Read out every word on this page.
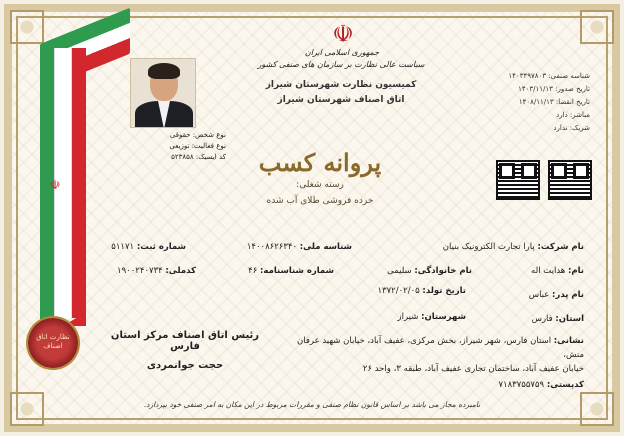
☫
نظارت اتاق اصناف
نوع شخص: حقوقی
نوع فعالیت: توزیعی
کد ایسیک: ۵۲۳۸۵۸
☫
جمهوری اسلامی ایران
سیاست عالی نظارت بر سازمان های صنفی کشور
کمیسیون نظارت شهرستان شیراز
اتاق اصناف شهرستان شیراز
پروانه کسب
رسته شغلی:
خرده فروشی طلای آب شده
شناسه صنفی: ۱۴۰۳۴۹۷۸۰۳
تاریخ صدور: ۱۴۰۳/۱۱/۱۳
تاریخ انقضا: ۱۴۰۸/۱۱/۱۳
مباشر: دارد
شریک: ندارد
نام شرکت: پارا تجارت الکترونیک بنیان
شناسه ملی: ۱۴۰۰۸۶۲۶۳۴۰
شماره ثبت: ۵۱۱۷۱
نام خانوادگی: سلیمی
شماره شناسنامه: ۴۶
کدملی: ۱۹۰۰۲۴۰۷۳۴	نام: هدایت اله
نام پدر: عباس
تاریخ تولد: ۱۳۷۲/۰۲/۰۵
استان: فارس
شهرستان: شیراز
نشانی: استان فارس، شهر شیراز، بخش مرکزی، عفیف آباد، خیابان شهید عرفان منش،
خیابان عفیف آباد، ساختمان تجاری عفیف آباد، طبقه ۳، واحد ۲۶
کدپستی: ۷۱۸۳۷۵۵۷۵۹
رئیس اتاق اصناف مرکز استان فارس
حجت جوانمردی
نامبرده مجاز می باشد بر اساس قانون نظام صنفی و مقررات مربوط در این مکان به امر صنفی خود بپردازد.
